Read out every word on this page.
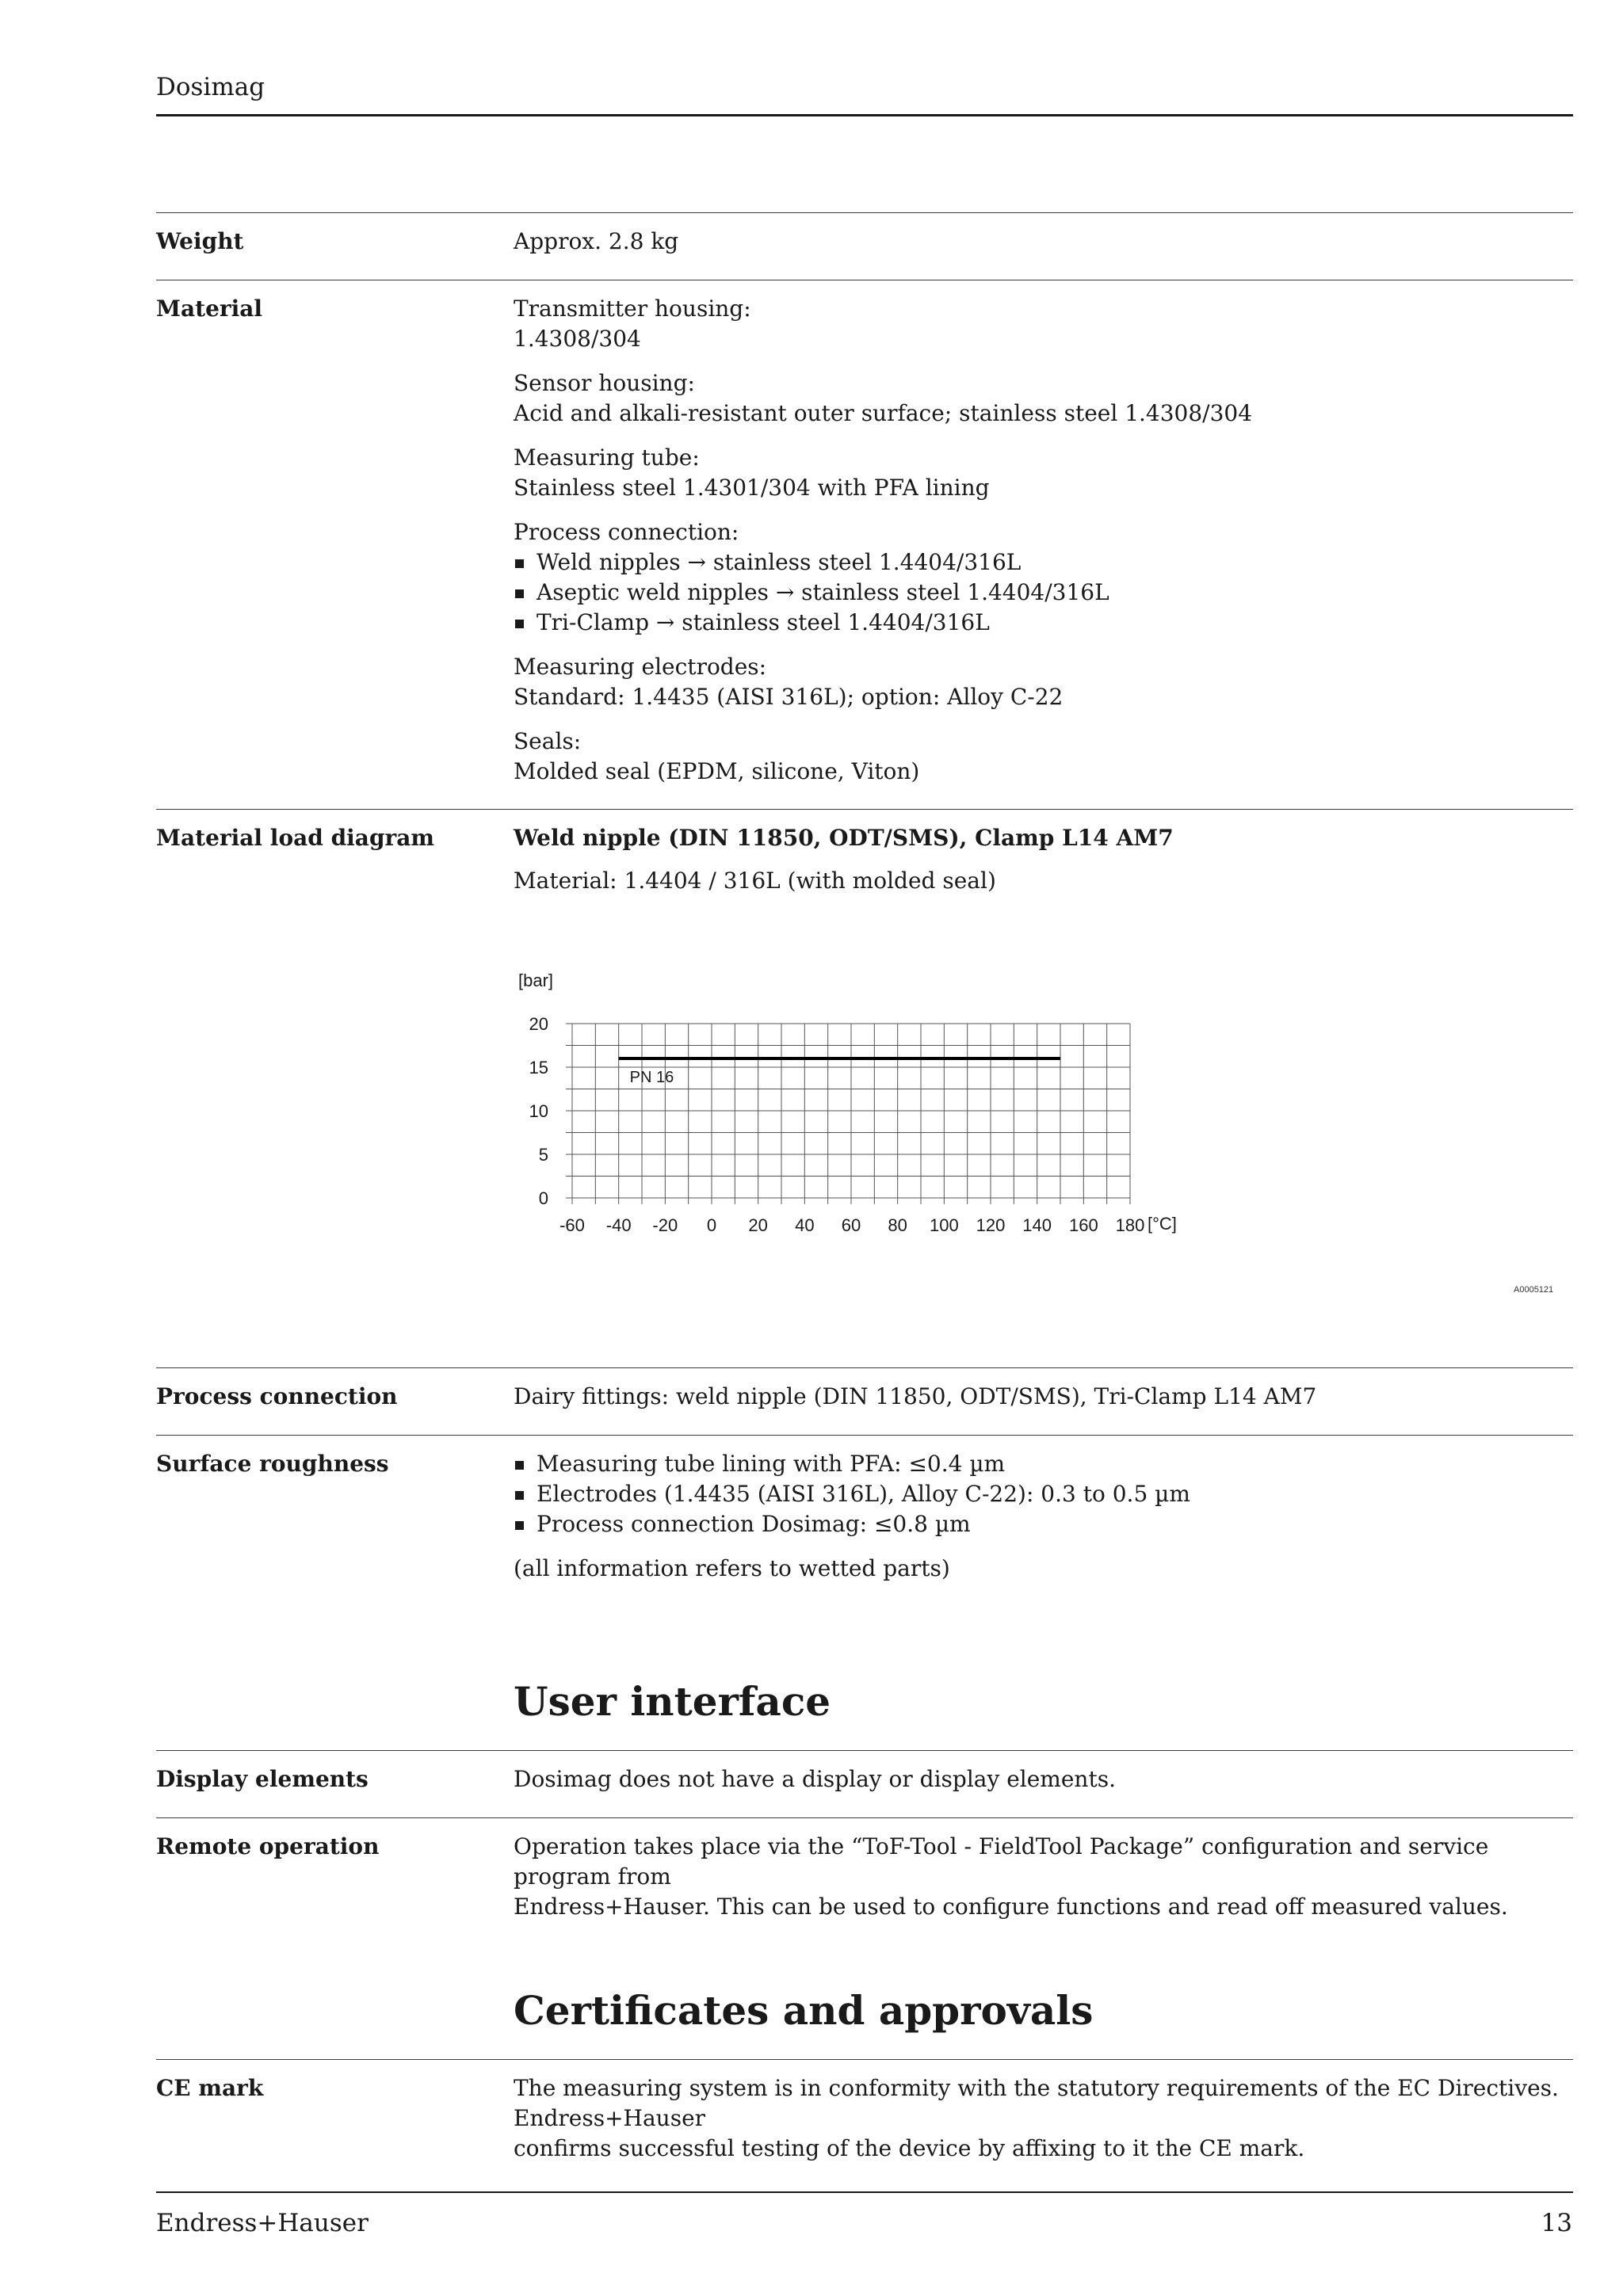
Dosimag
Weight	Approx. 2.8 kg
Material	Transmitter housing:
1.4308/304

Sensor housing:
Acid and alkali-resistant outer surface; stainless steel 1.4308/304

Measuring tube:
Stainless steel 1.4301/304 with PFA lining

Process connection:
Weld nipples → stainless steel 1.4404/316L
Aseptic weld nipples → stainless steel 1.4404/316L
Tri-Clamp → stainless steel 1.4404/316L

Measuring electrodes:
Standard: 1.4435 (AISI 316L); option: Alloy C-22

Seals:
Molded seal (EPDM, silicone, Viton)

Material load diagram	Weld nipple (DIN 11850, ODT/SMS), Clamp L14 AM7

Material: 1.4404 / 316L (with molded seal)

-60 -40 -20 0 20 40 60 80 100 120 140 160 180
0
5
10
15
20
[bar]
[°C]
PN 16
A0005121
Process connection	Dairy fittings: weld nipple (DIN 11850, ODT/SMS), Tri-Clamp L14 AM7
Surface roughness	Measuring tube lining with PFA: ≤0.4 µm
Electrodes (1.4435 (AISI 316L), Alloy C-22): 0.3 to 0.5 µm
Process connection Dosimag: ≤0.8 µm

(all information refers to wetted parts)

User interface
Display elements	Dosimag does not have a display or display elements.
Remote operation	Operation takes place via the “ToF-Tool - FieldTool Package” configuration and service program from
Endress+Hauser. This can be used to configure functions and read off measured values.
Certificates and approvals
CE mark	The measuring system is in conformity with the statutory requirements of the EC Directives. Endress+Hauser
confirms successful testing of the device by affixing to it the CE mark.
Endress+Hauser	13
